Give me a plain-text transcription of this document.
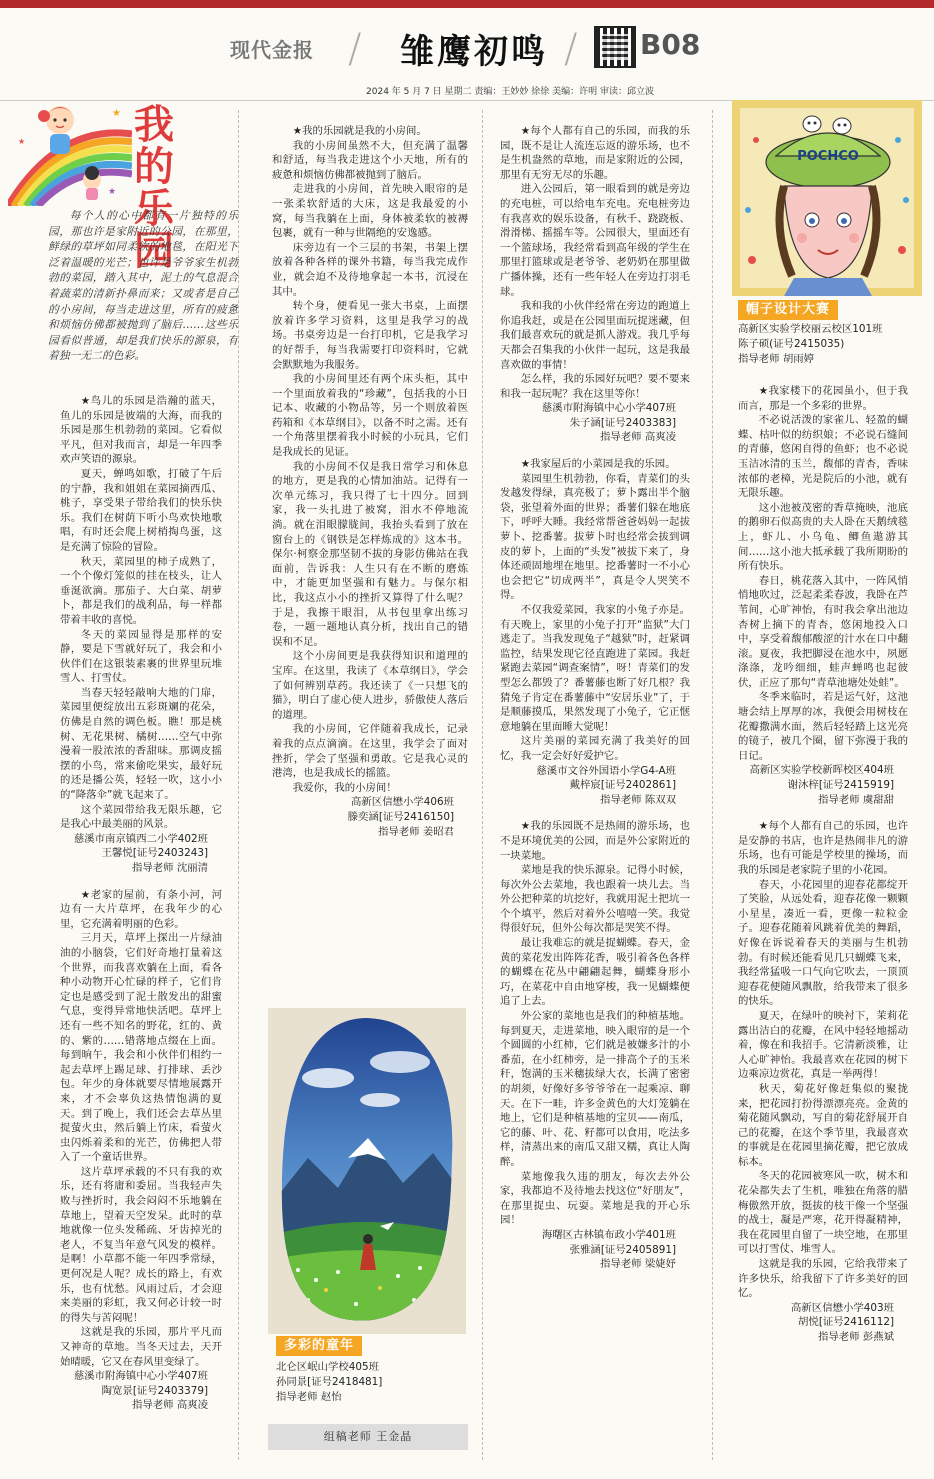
现代金报 / 雏鹰初鸣 / B08
2024 年 5 月 7 日 星期二 责编：王妙妙 徐徐 美编：许明 审读：邱立波
★
★
★
我的
乐园

每个人的心中都有一片独特的乐园，那也许是家附近的公园，在那里，鲜绿的草坪如同柔软的地毯，在阳光下泛着温暖的光芒；也许是爷爷家生机勃勃的菜园，踏入其中，泥土的气息混合着蔬菜的清新扑鼻而来；又或者是自己的小房间，每当走进这里，所有的疲惫和烦恼仿佛都被抛到了脑后……这些乐园看似普通，却是我们快乐的源泉，有着独一无二的色彩。

★鸟儿的乐园是浩瀚的蓝天，鱼儿的乐园是彼端的大海，而我的乐园是那生机勃勃的菜园。它看似平凡，但对我而言，却是一年四季欢声笑语的源泉。

夏天，蝉鸣如歌，打破了午后的宁静，我和姐姐在菜园摘西瓜、桃子，享受果子带给我们的快乐快乐。我们在树荫下听小鸟欢快地歌唱，有时还会爬上树梢掏鸟蛋，这是充满了惊险的冒险。

秋天，菜园里的柿子成熟了，一个个像灯笼似的挂在枝头，让人垂涎欲滴。那茄子、大白菜、胡萝卜，都是我们的战利品，每一样都带着丰收的喜悦。

冬天的菜园显得是那样的安静，要是下雪就好玩了，我会和小伙伴们在这银装素裹的世界里玩堆雪人、打雪仗。

当春天轻轻敲响大地的门扉，菜园里便绽放出五彩斑斓的花朵，仿佛是自然的调色板。瞧！那是桃树、无花果树、橘树……空气中弥漫着一股浓浓的香甜味。那调皮摇摆的小鸟，常来偷吃果实，最好玩的还是播公英，轻轻一吹，这小小的“降落伞”就飞起来了。

这个菜园带给我无限乐趣，它是我心中最美丽的风景。

慈溪市南京镇西二小学402班

王馨悦[证号2403243]

指导老师 沈丽清

★老家的屋前，有条小河，河边有一大片草坪，在我年少的心里，它充满着明丽的色彩。

三月天，草坪上探出一片绿油油的小脑袋，它们好奇地打量着这个世界，而我喜欢躺在上面，看各种小动物开心忙碌的样子，它们肯定也是感受到了泥土散发出的甜蜜气息，变得异常地快活吧。草坪上还有一些不知名的野花，红的、黄的、紫的……错落地点缀在上面。每到晌午，我会和小伙伴们相约一起去草坪上踢足球、打排球、丢沙包。年少的身体就要尽情地展露开来，才不会辜负这热情饱满的夏天。到了晚上，我们还会去草丛里捉萤火虫，然后躺上竹床，看萤火虫闪烁着柔和的光芒，仿佛把人带入了一个童话世界。

这片草坪承载的不只有我的欢乐，还有将庸和委屈。当我轻声失败与挫折时，我会闷闷不乐地躺在草地上，望着天空发呆。此时的草地就像一位头发稀疏、牙齿掉光的老人，不复当年意气风发的模样。是啊！小草都不能一年四季常绿，更何况是人呢？成长的路上，有欢乐，也有忧愁。风雨过后，才会迎来美丽的彩虹，我又何必计较一时的得失与苦闷呢！

这就是我的乐园，那片平凡而又神奇的草地。当冬天过去，天开始晴暖，它又在春风里变绿了。

慈溪市附海镇中心小学407班

陶宽景[证号2403379]

指导老师 高爽凌

★我的乐园就是我的小房间。

我的小房间虽然不大，但充满了温馨和舒适，每当我走进这个小天地，所有的疲惫和烦恼仿佛都被抛到了脑后。

走进我的小房间，首先映入眼帘的是一张柔软舒适的大床，这是我最爱的小窝，每当我躺在上面，身体被柔软的被褥包裹，就有一种与世隔绝的安逸感。

床旁边有一个三层的书架，书架上摆放着各种各样的课外书籍，每当我完成作业，就会迫不及待地拿起一本书，沉浸在其中。

转个身，便看见一张大书桌，上面摆放着许多学习资料，这里是我学习的战场。书桌旁边是一台打印机，它是我学习的好帮手，每当我需要打印资料时，它就会默默地为我服务。

我的小房间里还有两个床头柜，其中一个里面放着我的“珍藏”，包括我的小日记本、收藏的小物品等，另一个则放着医药箱和《本草纲目》，以备不时之需。还有一个角落里摆着我小时候的小玩具，它们是我成长的见证。

我的小房间不仅是我日常学习和休息的地方，更是我的心情加油站。记得有一次单元练习，我只得了七十四分。回到家，我一头扎进了被窝，泪水不停地流淌。就在泪眼朦胧间，我抬头看到了放在窗台上的《钢铁是怎样炼成的》这本书。保尔·柯察金那坚韧不拔的身影仿佛站在我面前，告诉我：人生只有在不断的磨炼中，才能更加坚强和有魅力。与保尔相比，我这点小小的挫折又算得了什么呢？于是，我擦干眼泪，从书包里拿出练习卷，一题一题地认真分析，找出自己的错误和不足。

这个小房间更是我获得知识和道理的宝库。在这里，我读了《本草纲目》，学会了如何辨别草药。我还读了《一只想飞的猫》，明白了虚心使人进步，骄傲使人落后的道理。

我的小房间，它伴随着我成长，记录着我的点点滴滴。在这里，我学会了面对挫折，学会了坚强和勇敢。它是我心灵的港湾，也是我成长的摇篮。

我爱你，我的小房间！

高新区信懋小学406班

滕奕涵[证号2416150]

指导老师 姜昭君

多彩的童年
北仑区岷山学校405班
孙同景[证号2418481]
指导老师 赵怡
组稿老师 王金晶

★每个人都有自己的乐园，而我的乐园，既不是让人流连忘返的游乐场，也不是生机盎然的草地，而是家附近的公园，那里有无穷无尽的乐趣。

进入公园后，第一眼看到的就是旁边的充电桩，可以给电车充电。充电桩旁边有我喜欢的娱乐设备，有秋千、跷跷板、滑滑梯、摇摇车等。公园很大，里面还有一个篮球场，我经常看到高年级的学生在那里打篮球或是老爷爷、老奶奶在那里做广播体操，还有一些年轻人在旁边打羽毛球。

我和我的小伙伴经常在旁边的跑道上你追我赶，或是在公园里面玩捉迷藏，但我们最喜欢玩的就是抓人游戏。我几乎每天都会召集我的小伙伴一起玩，这是我最喜欢做的事情！

怎么样，我的乐园好玩吧？要不要来和我一起玩呢？我在这里等你！

慈溪市附海镇中心小学407班

朱子涵[证号2403383]

指导老师 高爽凌

★我家屋后的小菜园是我的乐园。

菜园里生机勃勃，你看，青菜们的头发越发得绿，真亮极了；萝卜露出半个脑袋，张望着外面的世界；番薯们躲在地底下，呼呼大睡。我经常帮爸爸妈妈一起拔萝卜、挖番薯。拔萝卜时也经常会拔到调皮的萝卜，上面的“头发”被拔下来了，身体还顽固地埋在地里。挖番薯时一不小心也会把它“切成两半”，真是令人哭笑不得。

不仅我爱菜园，我家的小兔子亦是。有天晚上，家里的小兔子打开“监狱”大门逃走了。当我发现兔子“越狱”时，赶紧调监控，结果发现它径直跑进了菜园。我赶紧跑去菜园“调查案情”，呀！青菜们的发型怎么都毁了？番薯藤也断了好几根？我猜兔子肯定在番薯藤中“安居乐业”了，于是顺藤摸瓜，果然发现了小兔子，它正惬意地躺在里面睡大觉呢！

这片美丽的菜园充满了我美好的回忆，我一定会好好爱护它。

慈溪市文谷外国语小学G4-A班

戴梓宸[证号2402861]

指导老师 陈双双

★我的乐园既不是热闹的游乐场，也不是环境优美的公园，而是外公家附近的一块菜地。

菜地是我的快乐源泉。记得小时候，每次外公去菜地，我也跟着一块儿去。当外公把种菜的坑挖好，我就用泥土把坑一个个填平，然后对着外公嘻嘻一笑。我觉得很好玩，但外公每次都是哭笑不得。

最让我难忘的就是捉蝴蝶。春天，金黄的菜花发出阵阵花香，吸引着各色各样的蝴蝶在花丛中翩翩起舞，蝴蝶身形小巧，在菜花中自由地穿梭，我一见蝴蝶便追了上去。

外公家的菜地也是我们的种植基地。每到夏天，走进菜地，映入眼帘的是一个个圆圆的小红柿，它们就是被嫌多汁的小番茄，在小红柿旁，是一排高个子的玉米秆，饱满的玉米穗拔绿大衣，长满了密密的胡须，好像好多爷爷爷在一起乘凉、聊天。在下一畦，许多金黄色的大灯笼躺在地上，它们是种植基地的宝贝——南瓜，它的藤、叶、花、籽都可以食用，吃法多样，清蒸出来的南瓜又甜又糯，真让人陶醉。

菜地像我久违的朋友，每次去外公家，我都迫不及待地去找这位“好朋友”，在那里捉虫、玩耍。菜地是我的开心乐园！

海曙区古林镇布政小学401班

张雅涵[证号2405891]

指导老师 梁婕妤

POCHCO
帽子设计大赛
高新区实验学校丽云校区101班
陈子硕(证号2415035)
指导老师 胡雨婷

★我家楼下的花园虽小，但于我而言，那是一个多彩的世界。

不必说活泼的家雀儿、轻盈的蝴蝶、枯叶似的纺织娘；不必说石缝间的青藤，悠闲自得的鱼虾；也不必说玉洁冰清的玉兰，馥郁的青杏，香味浓郁的老樟，光是院后的小池，就有无限乐趣。

这小池被茂密的香草掩映，池底的鹅卵石似高贵的夫人卧在天鹅绒毯上，虾儿、小乌龟、鲫鱼遨游其间……这小池大抵承载了我所期盼的所有快乐。

春日，桃花落入其中，一阵风悄悄地吹过，泛起柔柔春波，我卧在芦苇间，心旷神怡，有时我会拿出池边杏树上摘下的青杏，悠闲地投入口中，享受着馥郁酸涩的汁水在口中翻滚。夏夜，我把脚浸在池水中，夙愿涤涤，龙吟细细，蛙声蝉鸣也起彼伏，正应了那句“青草池塘处处蛙”。

冬季来临时，若是运气好，这池塘会结上厚厚的冰，我便会用树枝在花瓣撒满水面，然后轻轻踏上这光亮的镜子，被几个圈，留下弥漫于我的日记。

高新区实验学校新晖校区404班

谢沐梓[证号2415919]

指导老师 虞甜甜

★每个人都有自己的乐园，也许是安静的书店，也许是热闹非凡的游乐场，也有可能是学校里的操场，而我的乐园是老家院子里的小花园。

春天，小花园里的迎春花都绽开了笑脸，从远处看，迎春花像一颗颗小星星，凑近一看，更像一粒粒金子。迎春花随着风跳着优美的舞蹈，好像在诉说着春天的美丽与生机勃勃。有时候还能看见几只蝴蝶飞来，我经常猛吸一口气向它吹去，一顶顶迎春花便随风飘散，给我带来了很多的快乐。

夏天，在绿叶的映衬下，茉莉花露出洁白的花瓣，在风中轻轻地摇动着，像在和我招手。它清新淡雅，让人心旷神怡。我最喜欢在花园的树下边乘凉边赏花，真是一举两得！

秋天，菊花好像赶集似的聚拢来，把花园打扮得漂漂亮亮。金黄的菊花随风飘动，写自的菊花舒展开自己的花瓣，在这个季节里，我最喜欢的事就是在花园里摘花瓣，把它放成标本。

冬天的花园被寒风一吹，树木和花朵都失去了生机，唯独在角落的腊梅傲然开放，挺拔的枝干像一个坚强的战士，凝是严寒，花开得凝精神，我在花园里自留了一块空地，在那里可以打雪仗、堆雪人。

这就是我的乐园，它给我带来了许多快乐，给我留下了许多美好的回忆。

高新区信懋小学403班

胡悦[证号2416112]

指导老师 彭燕斌
